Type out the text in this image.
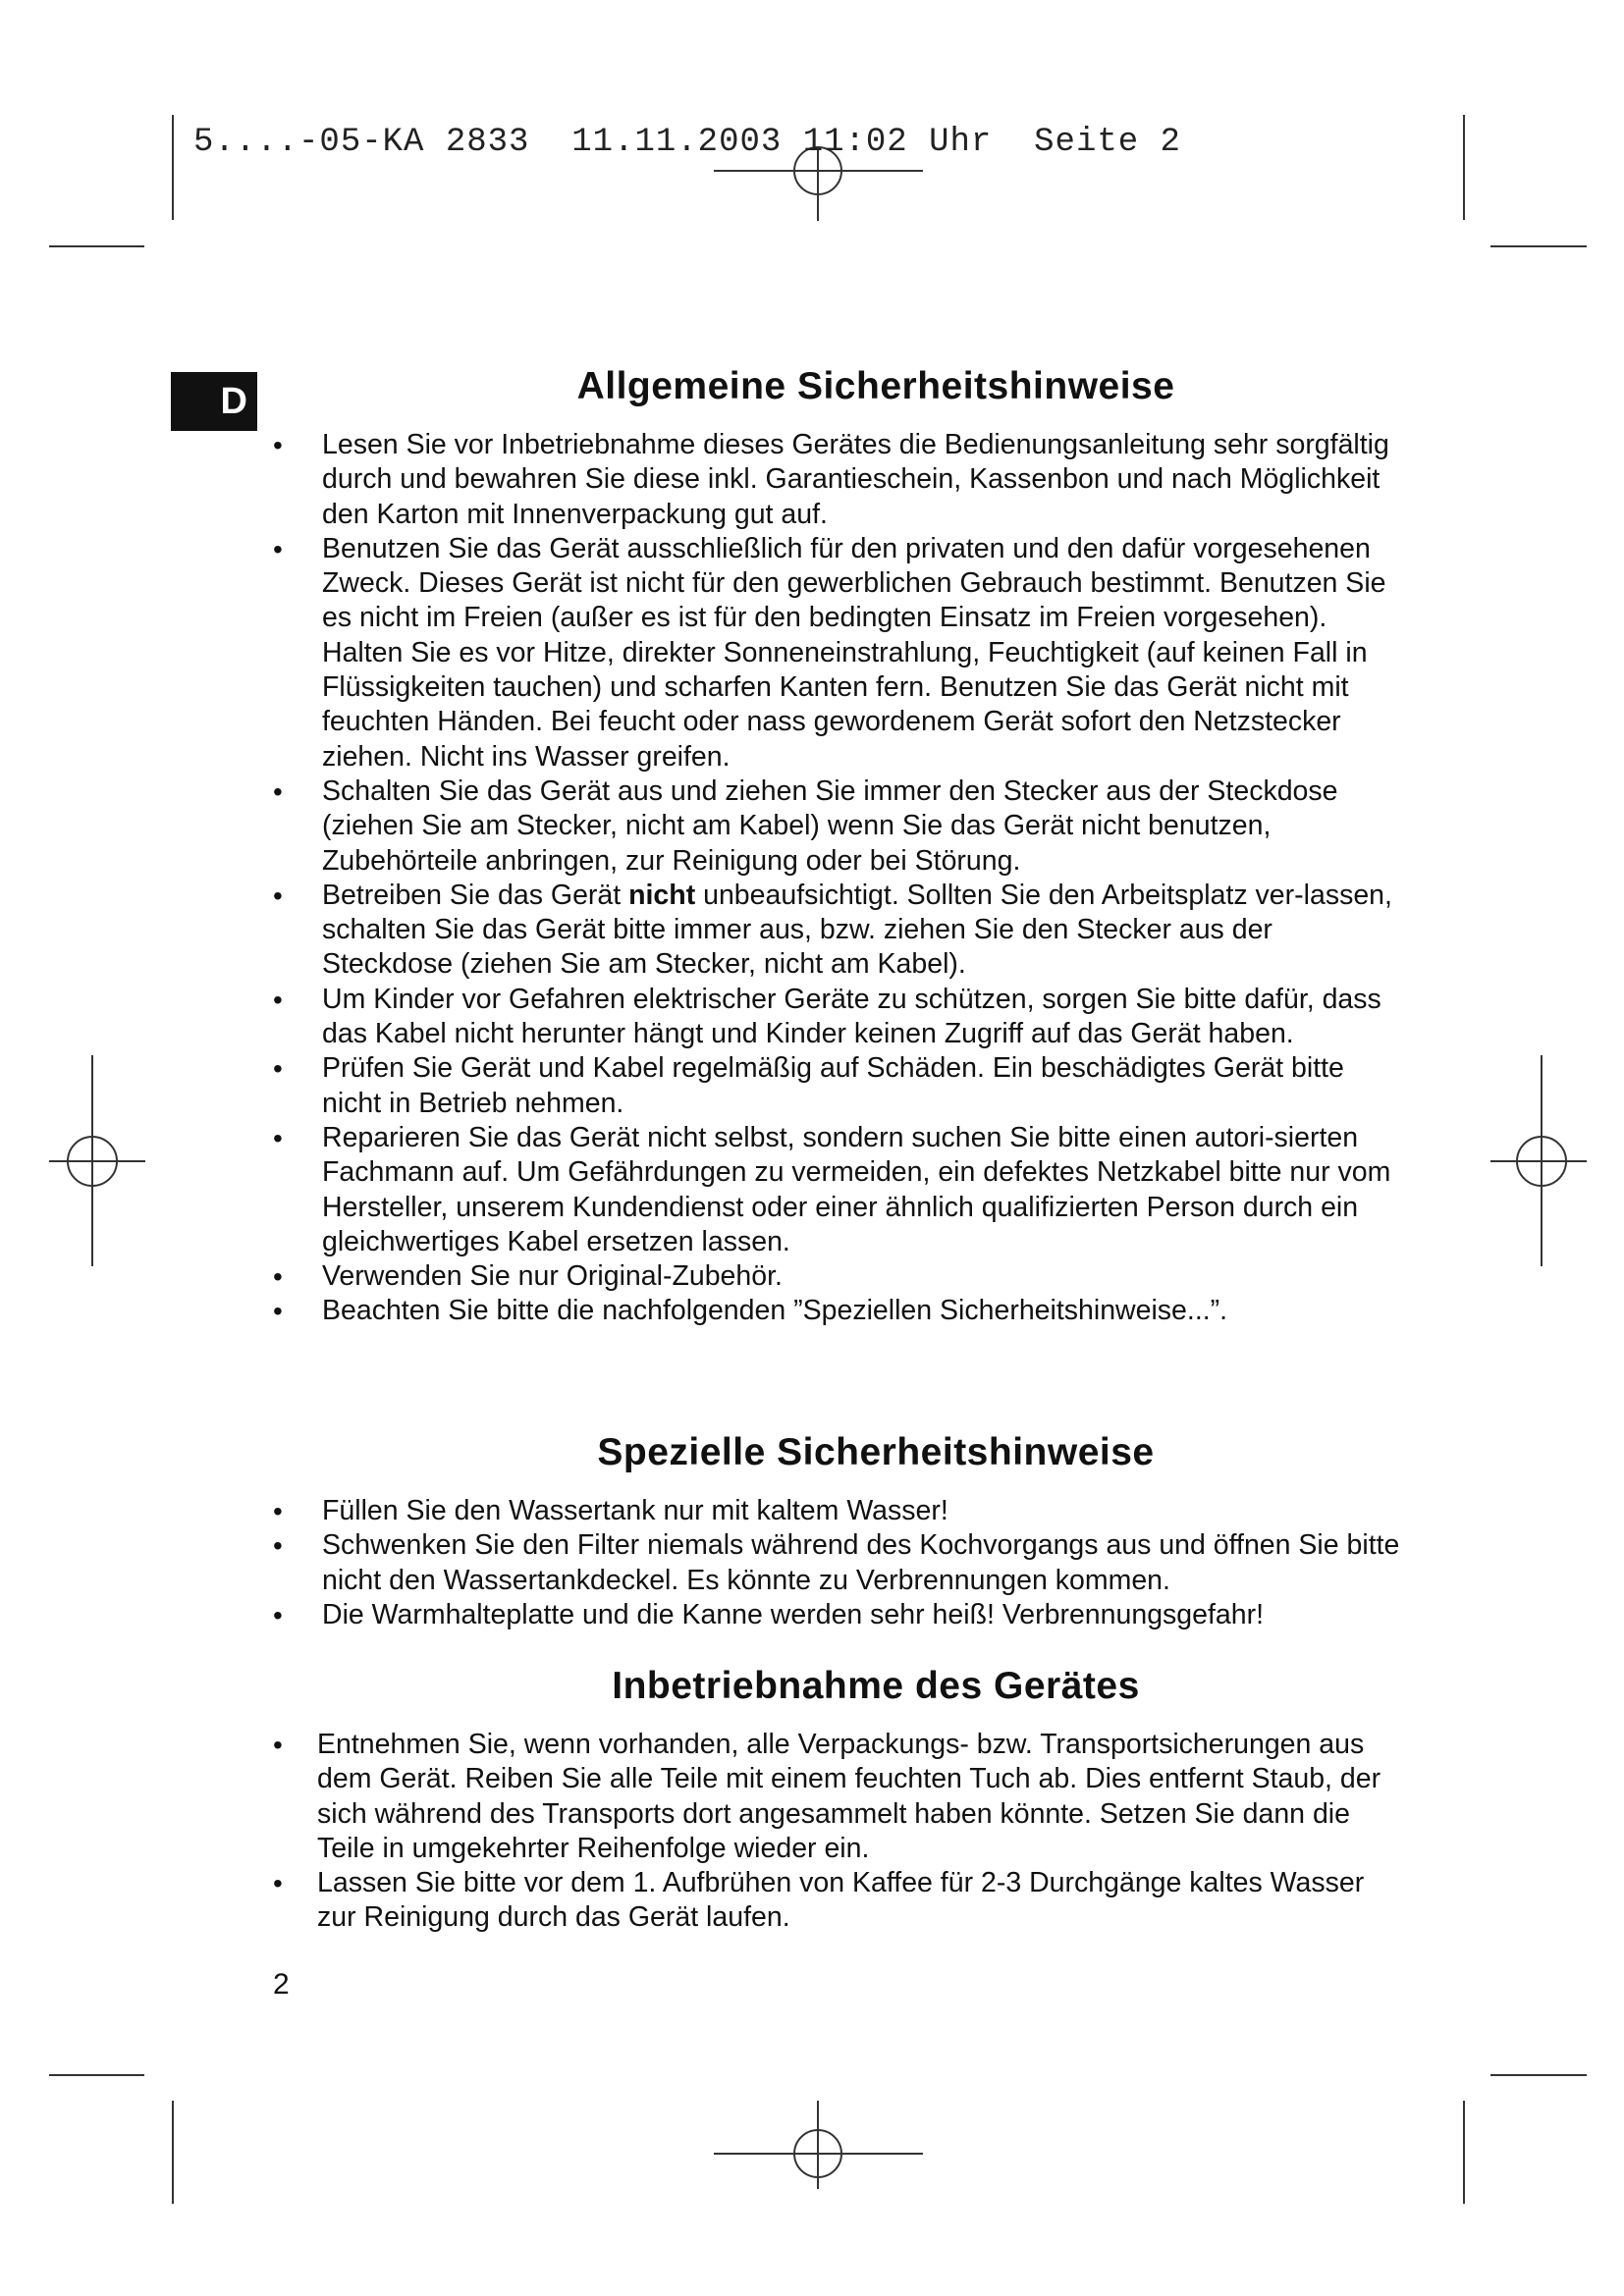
5....-05-KA 2833  11.11.2003 11:02 Uhr  Seite 2
D	Allgemeine Sicherheitshinweise
• Lesen Sie vor Inbetriebnahme dieses Gerätes die Bedienungsanleitung sehr sorgfältig durch und bewahren Sie diese inkl. Garantieschein, Kassenbon und nach Möglichkeit den Karton mit Innenverpackung gut auf.
• Benutzen Sie das Gerät ausschließlich für den privaten und den dafür vorgesehenen Zweck. Dieses Gerät ist nicht für den gewerblichen Gebrauch bestimmt. Benutzen Sie es nicht im Freien (außer es ist für den bedingten Einsatz im Freien vorgesehen). Halten Sie es vor Hitze, direkter Sonneneinstrahlung, Feuchtigkeit (auf keinen Fall in Flüssigkeiten tauchen) und scharfen Kanten fern. Benutzen Sie das Gerät nicht mit feuchten Händen. Bei feucht oder nass gewordenem Gerät sofort den Netzstecker ziehen. Nicht ins Wasser greifen.
• Schalten Sie das Gerät aus und ziehen Sie immer den Stecker aus der Steckdose (ziehen Sie am Stecker, nicht am Kabel) wenn Sie das Gerät nicht benutzen, Zubehörteile anbringen, zur Reinigung oder bei Störung.
• Betreiben Sie das Gerät nicht unbeaufsichtigt. Sollten Sie den Arbeitsplatz ver-lassen, schalten Sie das Gerät bitte immer aus, bzw. ziehen Sie den Stecker aus der Steckdose (ziehen Sie am Stecker, nicht am Kabel).
• Um Kinder vor Gefahren elektrischer Geräte zu schützen, sorgen Sie bitte dafür, dass das Kabel nicht herunter hängt und Kinder keinen Zugriff auf das Gerät haben.
• Prüfen Sie Gerät und Kabel regelmäßig auf Schäden. Ein beschädigtes Gerät bitte nicht in Betrieb nehmen.
• Reparieren Sie das Gerät nicht selbst, sondern suchen Sie bitte einen autori-sierten Fachmann auf. Um Gefährdungen zu vermeiden, ein defektes Netzkabel bitte nur vom Hersteller, unserem Kundendienst oder einer ähnlich qualifizierten Person durch ein gleichwertiges Kabel ersetzen lassen.
• Verwenden Sie nur Original-Zubehör.
• Beachten Sie bitte die nachfolgenden ”Speziellen Sicherheitshinweise...”.
Spezielle Sicherheitshinweise
• Füllen Sie den Wassertank nur mit kaltem Wasser!
• Schwenken Sie den Filter niemals während des Kochvorgangs aus und öffnen Sie bitte nicht den Wassertankdeckel. Es könnte zu Verbrennungen kommen.
• Die Warmhalteplatte und die Kanne werden sehr heiß! Verbrennungsgefahr!
Inbetriebnahme des Gerätes
• Entnehmen Sie, wenn vorhanden, alle Verpackungs- bzw. Transportsicherungen aus dem Gerät. Reiben Sie alle Teile mit einem feuchten Tuch ab. Dies entfernt Staub, der sich während des Transports dort angesammelt haben könnte. Setzen Sie dann die Teile in umgekehrter Reihenfolge wieder ein.
• Lassen Sie bitte vor dem 1. Aufbrühen von Kaffee für 2-3 Durchgänge kaltes Wasser zur Reinigung durch das Gerät laufen.
2
